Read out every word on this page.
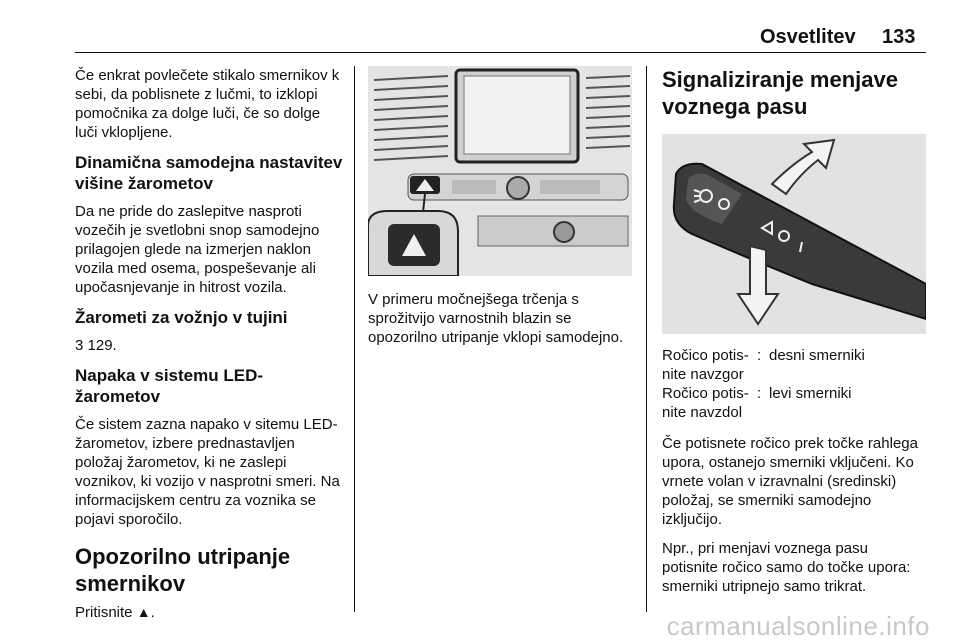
Osvetlitev 133

Če enkrat povlečete stikalo smernikov k sebi, da poblisnete z lučmi, to izklopi pomočnika za dolge luči, če so dolge luči vklopljene.

Dinamična samodejna nastavitev višine žarometov

Da ne pride do zaslepitve nasproti vozečih je svetlobni snop samodejno prilagojen glede na izmerjen naklon vozila med osema, pospeševanje ali upočasnjevanje in hitrost vozila.

Žarometi za vožnjo v tujini

3 129.

Napaka v sistemu LED-žarometov

Če sistem zazna napako v sitemu LED-žarometov, izbere prednastavljen položaj žarometov, ki ne zaslepi voznikov, ki vozijo v nasprotni smeri. Na informacijskem centru za voznika se pojavi sporočilo.

Opozorilno utripanje smernikov

Pritisnite ▲.

V primeru močnejšega trčenja s sprožitvijo varnostnih blazin se opozorilno utripanje vklopi samodejno.

Signaliziranje menjave voznega pasu
Ročico potis-nite navzgor
: desni smerniki
Ročico potis-nite navzdol
: levi smerniki

Če potisnete ročico prek točke rahlega upora, ostanejo smerniki vključeni. Ko vrnete volan v izravnalni (sredinski) položaj, se smerniki samodejno izključijo.

Npr., pri menjavi voznega pasu potisnite ročico samo do točke upora: smerniki utripnejo samo trikrat.

carmanualsonline.info
